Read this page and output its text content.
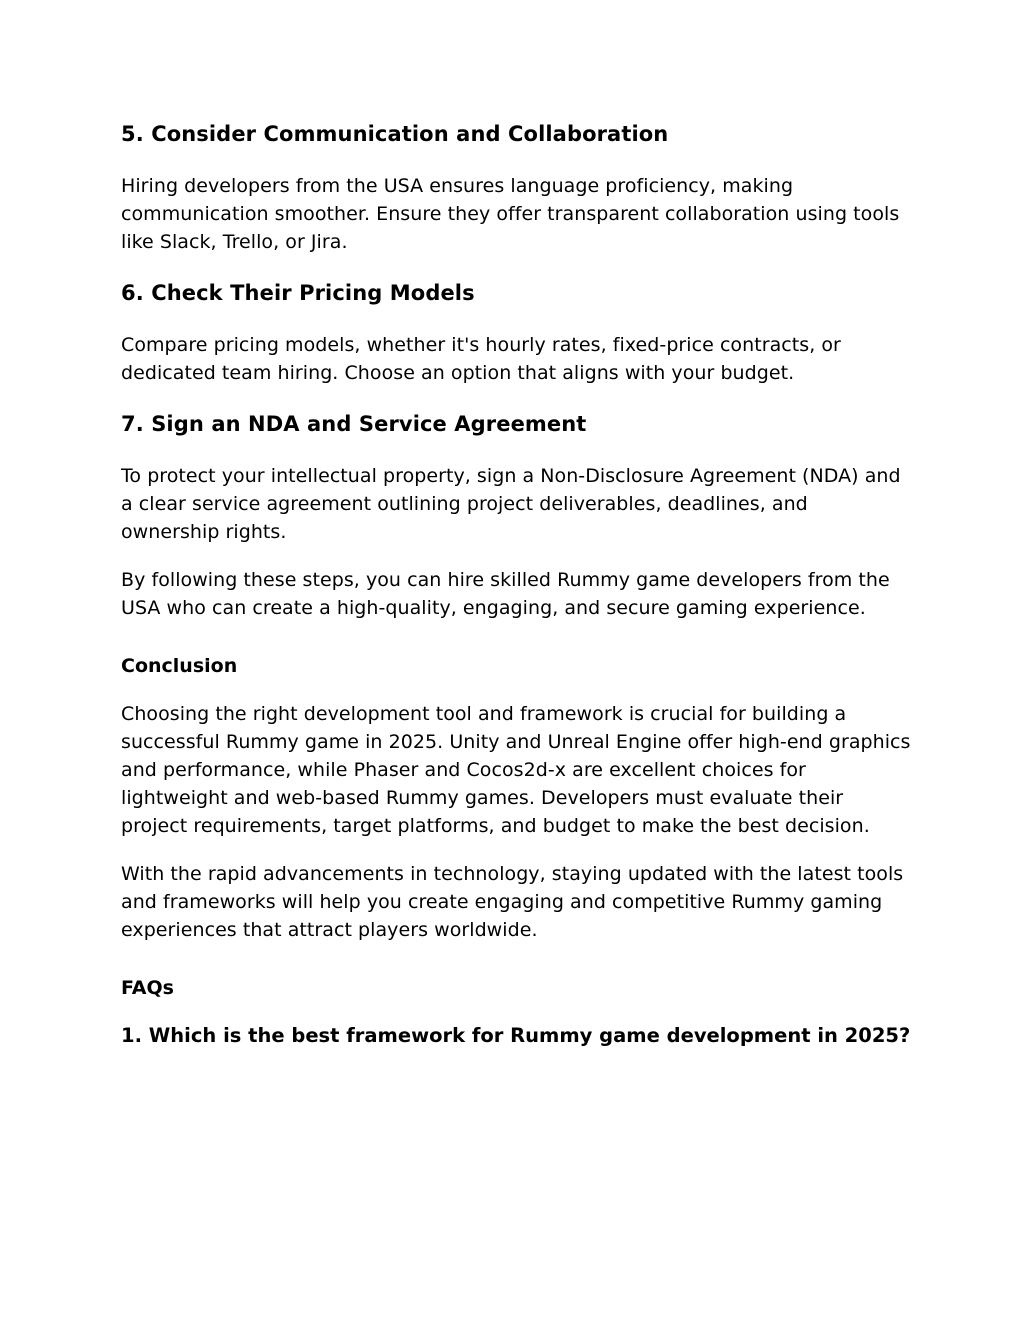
5. Consider Communication and Collaboration

Hiring developers from the USA ensures language proficiency, making communication smoother. Ensure they offer transparent collaboration using tools like Slack, Trello, or Jira.

6. Check Their Pricing Models

Compare pricing models, whether it's hourly rates, fixed-price contracts, or dedicated team hiring. Choose an option that aligns with your budget.

7. Sign an NDA and Service Agreement

To protect your intellectual property, sign a Non-Disclosure Agreement (NDA) and a clear service agreement outlining project deliverables, deadlines, and ownership rights.

By following these steps, you can hire skilled Rummy game developers from the USA who can create a high-quality, engaging, and secure gaming experience.

Conclusion

Choosing the right development tool and framework is crucial for building a successful Rummy game in 2025. Unity and Unreal Engine offer high-end graphics and performance, while Phaser and Cocos2d-x are excellent choices for lightweight and web-based Rummy games. Developers must evaluate their project requirements, target platforms, and budget to make the best decision.

With the rapid advancements in technology, staying updated with the latest tools and frameworks will help you create engaging and competitive Rummy gaming experiences that attract players worldwide.

FAQs
1. Which is the best framework for Rummy game development in 2025?
